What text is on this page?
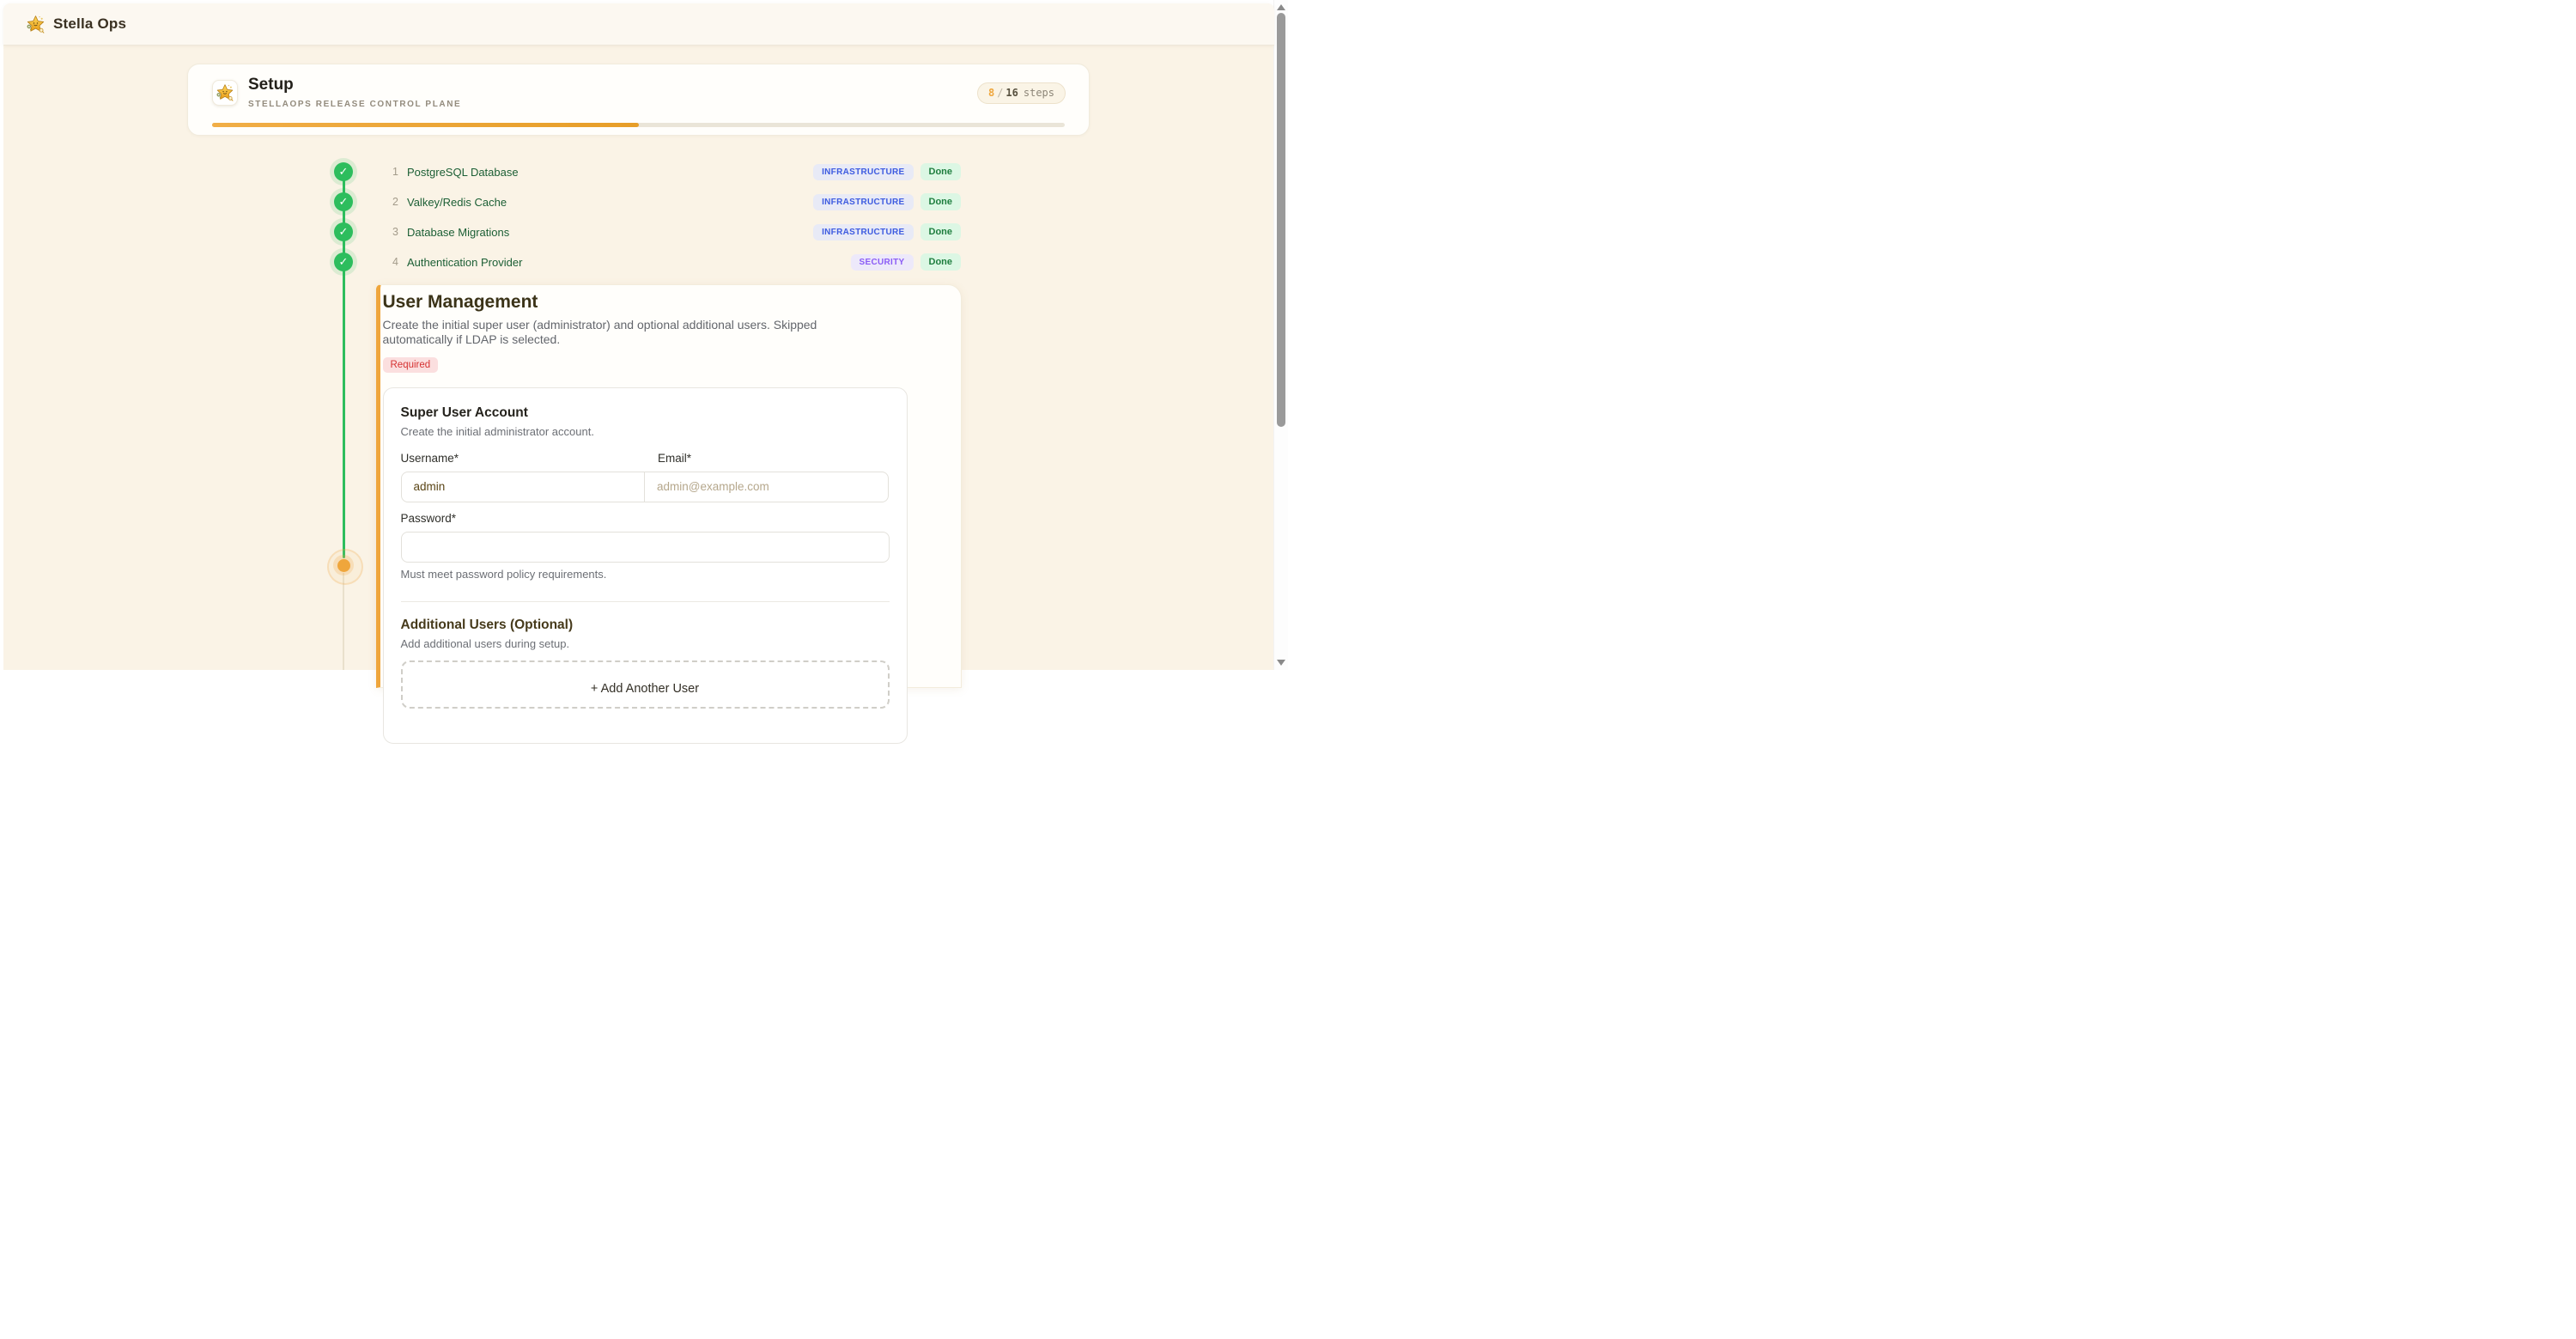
Stella Ops
Setup
STELLAOPS RELEASE CONTROL PLANE
8 / 16 steps
✓
✓
✓
✓
1 PostgreSQL Database	INFRASTRUCTURE	Done
2 Valkey/Redis Cache	INFRASTRUCTURE	Done
3 Database Migrations	INFRASTRUCTURE	Done
4 Authentication Provider	SECURITY	Done
User Management
Create the initial super user (administrator) and optional additional users. Skipped automatically if LDAP is selected.
Required
Super User Account
Create the initial administrator account.
Username*	Email*
admin
admin@example.com
Password*
Must meet password policy requirements.
Additional Users (Optional)
Add additional users during setup.
+ Add Another User
